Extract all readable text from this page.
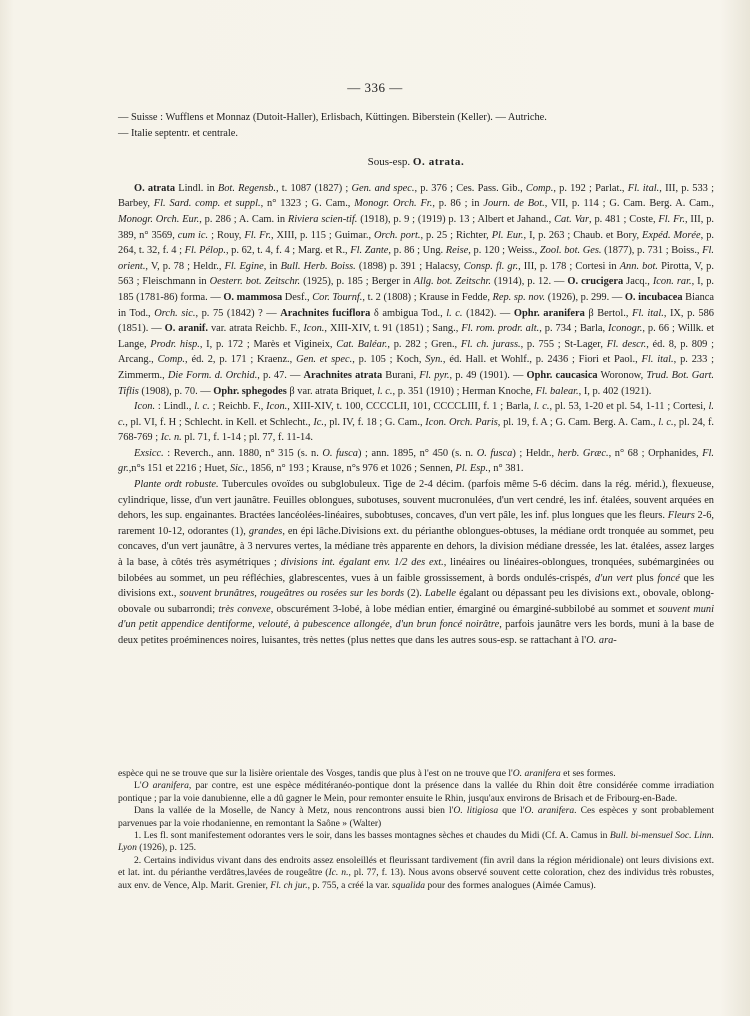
— 336 —

— Suisse : Wufflens et Monnaz (Dutoit-Haller), Erlisbach, Küttingen. Biberstein (Keller). — Autriche.

— Italie septentr. et centrale.

Sous-esp. O. atrata.

O. atrata Lindl. in Bot. Regensb., t. 1087 (1827) ; Gen. and spec., p. 376 ; Ces. Pass. Gib., Comp., p. 192 ; Parlat., Fl. ital., III, p. 533 ; Barbey, Fl. Sard. comp. et suppl., n° 1323 ; G. Cam., Monogr. Orch. Fr., p. 86 ; in Journ. de Bot., VII, p. 114 ; G. Cam. Berg. A. Cam., Monogr. Orch. Eur., p. 286 ; A. Cam. in Riviera scien-tif. (1918), p. 9 ; (1919) p. 13 ; Albert et Jahand., Cat. Var, p. 481 ; Coste, Fl. Fr., III, p. 389, n° 3569, cum ic. ; Rouy, Fl. Fr., XIII, p. 115 ; Guimar., Orch. port., p. 25 ; Richter, Pl. Eur., I, p. 263 ; Chaub. et Bory, Expéd. Morée, p. 264, t. 32, f. 4 ; Fl. Pélop., p. 62, t. 4, f. 4 ; Marg. et R., Fl. Zante, p. 86 ; Ung. Reise, p. 120 ; Weiss., Zool. bot. Ges. (1877), p. 731 ; Boiss., Fl. orient., V, p. 78 ; Heldr., Fl. Egine, in Bull. Herb. Boiss. (1898) p. 391 ; Halacsy, Consp. fl. gr., III, p. 178 ; Cortesi in Ann. bot. Pirotta, V, p. 563 ; Fleischmann in Oesterr. bot. Zeitschr. (1925), p. 185 ; Berger in Allg. bot. Zeitschr. (1914), p. 12. — O. crucigera Jacq., Icon. rar., I, p. 185 (1781-86) forma. — O. mammosa Desf., Cor. Tournf., t. 2 (1808) ; Krause in Fedde, Rep. sp. nov. (1926), p. 299. — O. incubacea Bianca in Tod., Orch. sic., p. 75 (1842) ? — Arachnites fuciflora δ ambigua Tod., l. c. (1842). — Ophr. aranifera β Bertol., Fl. ital., IX, p. 586 (1851). — O. aranif. var. atrata Reichb. F., Icon., XIII-XIV, t. 91 (1851) ; Sang., Fl. rom. prodr. alt., p. 734 ; Barla, Iconogr., p. 66 ; Willk. et Lange, Prodr. hisp., I, p. 172 ; Marès et Vigineix, Cat. Baléar., p. 282 ; Gren., Fl. ch. jurass., p. 755 ; St-Lager, Fl. descr., éd. 8, p. 809 ; Arcang., Comp., éd. 2, p. 171 ; Kraenz., Gen. et spec., p. 105 ; Koch, Syn., éd. Hall. et Wohlf., p. 2436 ; Fiori et Paol., Fl. ital., p. 233 ; Zimmerm., Die Form. d. Orchid., p. 47. — Arachnites atrata Burani, Fl. pyr., p. 49 (1901). — Ophr. caucasica Woronow, Trud. Bot. Gart. Tiflis (1908), p. 70. — Ophr. sphegodes β var. atrata Briquet, l. c., p. 351 (1910) ; Herman Knoche, Fl. balear., I, p. 402 (1921).

Icon. : Lindl., l. c. ; Reichb. F., Icon., XIII-XIV, t. 100, CCCCLII, 101, CCCCLIII, f. 1 ; Barla, l. c., pl. 53, 1-20 et pl. 54, 1-11 ; Cortesi, l. c., pl. VI, f. H ; Schlecht. in Kell. et Schlecht., Ic., pl. IV, f. 18 ; G. Cam., Icon. Orch. Paris, pl. 19, f. A ; G. Cam. Berg. A. Cam., l. c., pl. 24, f. 768-769 ; Ic. n. pl. 71, f. 1-14 ; pl. 77, f. 11-14.

Exsicc. : Reverch., ann. 1880, n° 315 (s. n. O. fusca) ; ann. 1895, n° 450 (s. n. O. fusca) ; Heldr., herb. Græc., n° 68 ; Orphanides, Fl. gr.,n°s 151 et 2216 ; Huet, Sic., 1856, n° 193 ; Krause, n°s 976 et 1026 ; Sennen, Pl. Esp., n° 381.

Plante ordt robuste. Tubercules ovoïdes ou subglobuleux. Tige de 2-4 décim. (parfois même 5-6 décim. dans la rég. mérid.), flexueuse, cylindrique, lisse, d'un vert jaunâtre. Feuilles oblongues, subotuses, souvent mucronulées, d'un vert cendré, les inf. étalées, souvent arquées en dehors, les sup. engainantes. Bractées lancéolées-linéaires, subobtuses, concaves, d'un vert pâle, les inf. plus longues que les fleurs. Fleurs 2-6, rarement 10-12, odorantes (1), grandes, en épi lâche.Divisions ext. du périanthe oblongues-obtuses, la médiane ordt tronquée au sommet, peu concaves, d'un vert jaunâtre, à 3 nervures vertes, la médiane très apparente en dehors, la division médiane dressée, les lat. étalées, assez larges à la base, à côtés très asymétriques ; divisions int. égalant env. 1/2 des ext., linéaires ou linéaires-oblongues, tronquées, subémarginées ou bilobées au sommet, un peu réfléchies, glabrescentes, vues à un faible grossissement, à bords ondulés-crispés, d'un vert plus foncé que les divisions ext., souvent brunâtres, rougeâtres ou rosées sur les bords (2). Labelle égalant ou dépassant peu les divisions ext., obovale, oblong-obovale ou subarrondi; très convexe, obscurément 3-lobé, à lobe médian entier, émarginé ou émarginé-subbilobé au sommet et souvent muni d'un petit appendice dentiforme, velouté, à pubescence allongée, d'un brun foncé noirâtre, parfois jaunâtre vers les bords, muni à la base de deux petites proéminences noires, luisantes, très nettes (plus nettes que dans les autres sous-esp. se rattachant à l'O. ara-

espèce qui ne se trouve que sur la lisière orientale des Vosges, tandis que plus à l'est on ne trouve que l'O. aranifera et ses formes.

L'O aranifera, par contre, est une espèce méditéranéo-pontique dont la présence dans la vallée du Rhin doit être considérée comme irradiation pontique ; par la voie danubienne, elle a dû gagner le Mein, pour remonter ensuite le Rhin, jusqu'aux environs de Brisach et de Fribourg-en-Bade.

Dans la vallée de la Moselle, de Nancy à Metz, nous rencontrons aussi bien l'O. litigiosa que l'O. aranifera. Ces espèces y sont probablement parvenues par la voie rhodanienne, en remontant la Saône » (Walter)

1. Les fl. sont manifestement odorantes vers le soir, dans les basses montagnes sèches et chaudes du Midi (Cf. A. Camus in Bull. bi-mensuel Soc. Linn. Lyon (1926), p. 125.

2. Certains individus vivant dans des endroits assez ensoleillés et fleurissant tardivement (fin avril dans la région méridionale) ont leurs divisions ext. et lat. int. du périanthe verdâtres,lavées de rougeâtre (Ic. n., pl. 77, f. 13). Nous avons observé souvent cette coloration, chez des individus très robustes, aux env. de Vence, Alp. Marit. Grenier, Fl. ch jur., p. 755, a créé la var. squalida pour des formes analogues (Aimée Camus).
